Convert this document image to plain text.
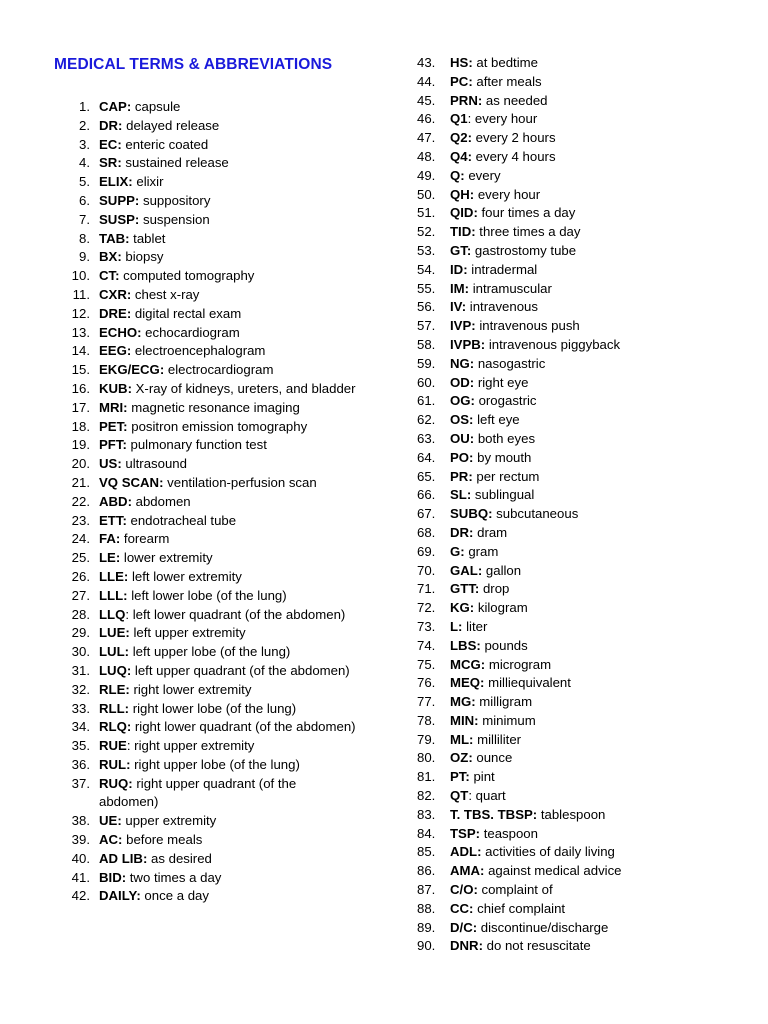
MEDICAL TERMS & ABBREVIATIONS
1. CAP: capsule
2. DR: delayed release
3. EC: enteric coated
4. SR: sustained release
5. ELIX: elixir
6. SUPP: suppository
7. SUSP: suspension
8. TAB: tablet
9. BX: biopsy
10. CT: computed tomography
11. CXR: chest x-ray
12. DRE: digital rectal exam
13. ECHO: echocardiogram
14. EEG: electroencephalogram
15. EKG/ECG: electrocardiogram
16. KUB: X-ray of kidneys, ureters, and bladder
17. MRI: magnetic resonance imaging
18. PET: positron emission tomography
19. PFT: pulmonary function test
20. US: ultrasound
21. VQ SCAN: ventilation-perfusion scan
22. ABD: abdomen
23. ETT: endotracheal tube
24. FA: forearm
25. LE: lower extremity
26. LLE: left lower extremity
27. LLL: left lower lobe (of the lung)
28. LLQ: left lower quadrant (of the abdomen)
29. LUE: left upper extremity
30. LUL: left upper lobe (of the lung)
31. LUQ: left upper quadrant (of the abdomen)
32. RLE: right lower extremity
33. RLL: right lower lobe (of the lung)
34. RLQ: right lower quadrant (of the abdomen)
35. RUE: right upper extremity
36. RUL: right upper lobe (of the lung)
37. RUQ: right upper quadrant (of the abdomen)
38. UE: upper extremity
39. AC: before meals
40. AD LIB: as desired
41. BID: two times a day
42. DAILY: once a day
43.	HS: at bedtime
44.	PC: after meals
45.	PRN: as needed
46.	Q1: every hour
47.	Q2: every 2 hours
48.	Q4: every 4 hours
49.	Q: every
50.	QH: every hour
51.	QID: four times a day
52.	TID: three times a day
53.	GT: gastrostomy tube
54.	ID: intradermal
55.	IM: intramuscular
56.	IV: intravenous
57.	IVP: intravenous push
58.	IVPB: intravenous piggyback
59.	NG: nasogastric
60.	OD: right eye
61.	OG: orogastric
62.	OS: left eye
63.	OU: both eyes
64.	PO: by mouth
65.	PR: per rectum
66.	SL: sublingual
67.	SUBQ: subcutaneous
68.	DR: dram
69.	G: gram
70.	GAL: gallon
71.	GTT: drop
72.	KG: kilogram
73.	L: liter
74.	LBS: pounds
75.	MCG: microgram
76.	MEQ: milliequivalent
77.	MG: milligram
78.	MIN: minimum
79.	ML: milliliter
80.	OZ: ounce
81.	PT: pint
82.	QT: quart
83.	T. TBS. TBSP: tablespoon
84.	TSP: teaspoon
85.	ADL: activities of daily living
86.	AMA: against medical advice
87.	C/O: complaint of
88.	CC: chief complaint
89.	D/C: discontinue/discharge
90.	DNR: do not resuscitate
